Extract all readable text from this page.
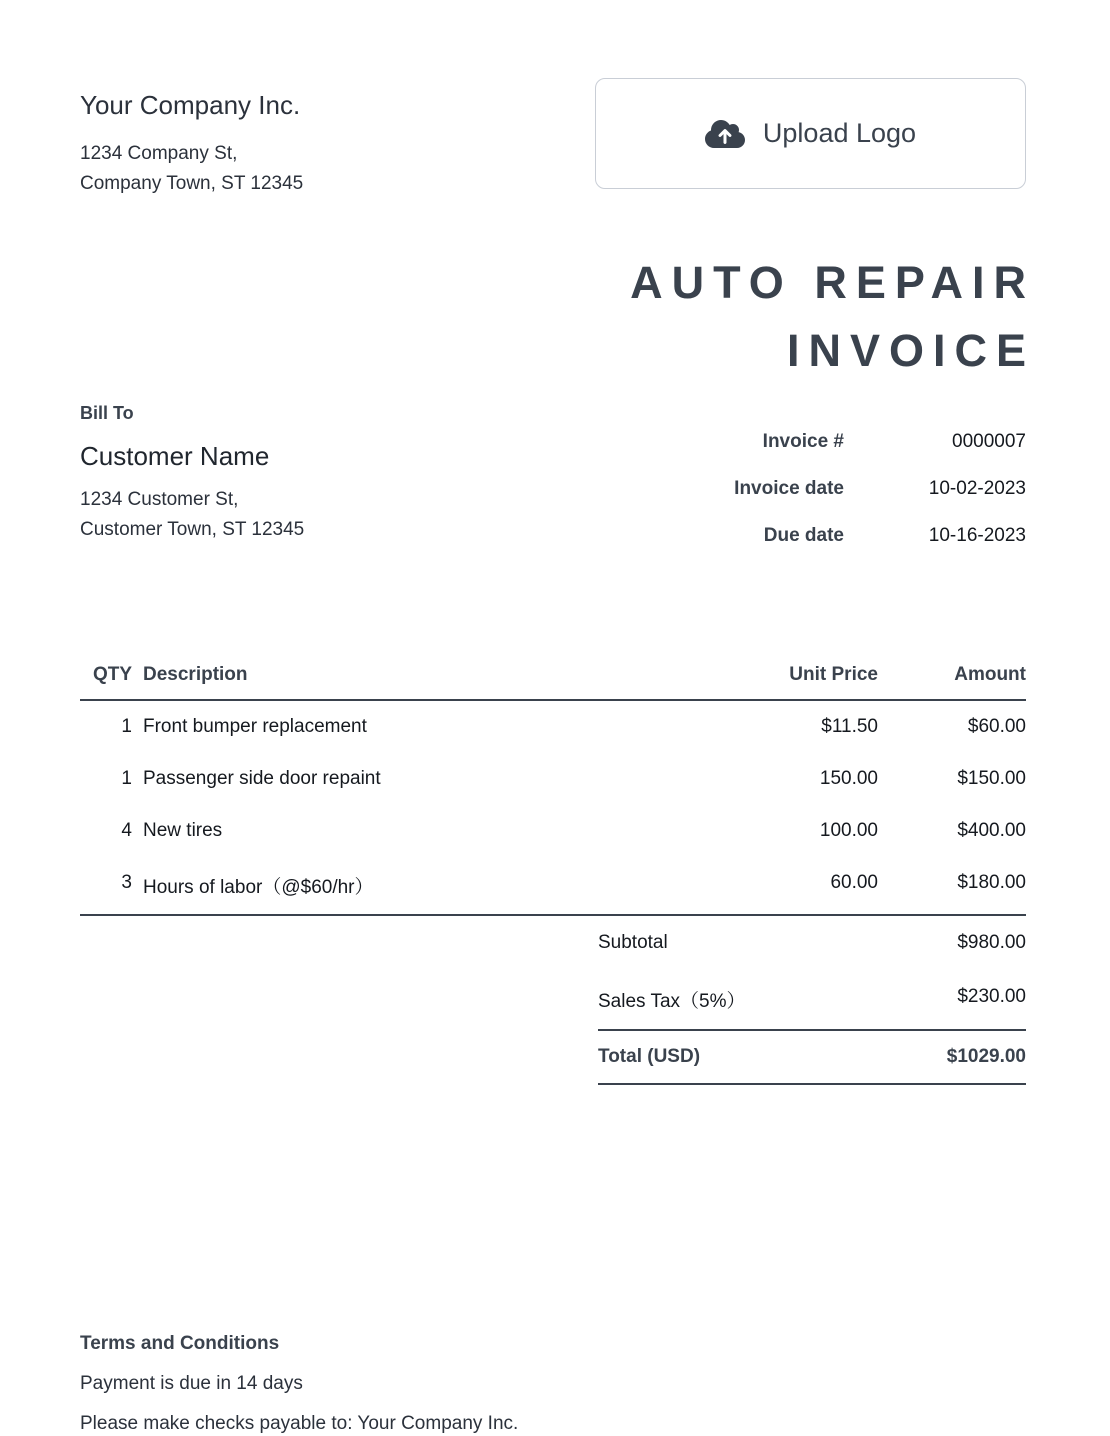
Your Company Inc.
1234 Company St,
Company Town, ST 12345
Upload Logo
AUTO REPAIR
INVOICE
Bill To
Customer Name
1234 Customer St,
Customer Town, ST 12345
Invoice #	0000007
Invoice date	10-02-2023
Due date	10-16-2023
QTY Description	Unit Price	Amount
1 Front bumper replacement	$11.50	$60.00
1 Passenger side door repaint	150.00	$150.00
4 New tires	100.00	$400.00
3 Hours of labor（@$60/hr）	60.00	$180.00
Subtotal	$980.00
Sales Tax（5%）	$230.00
Total (USD)	$1029.00
Terms and Conditions
Payment is due in 14 days
Please make checks payable to: Your Company Inc.
